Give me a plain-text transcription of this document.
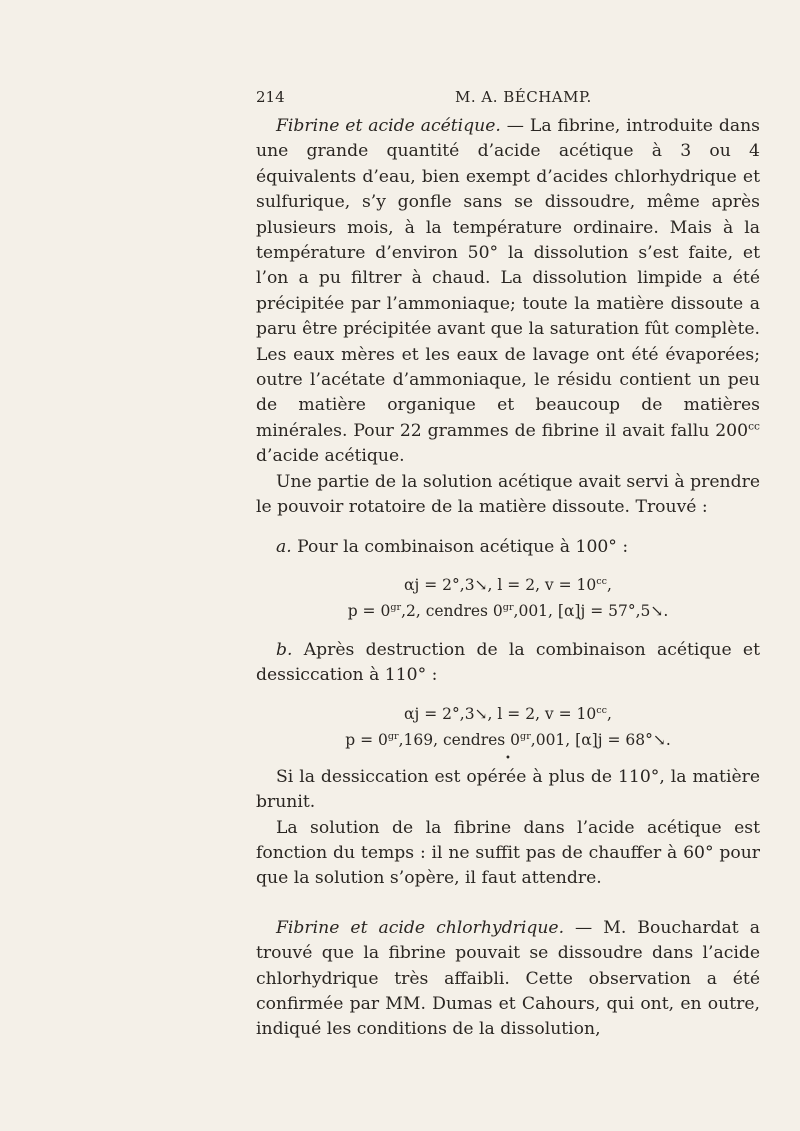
214	M. A. BÉCHAMP.

Fibrine et acide acétique. — La fibrine, introduite dans une grande quantité d’acide acétique à 3 ou 4 équivalents d’eau, bien exempt d’acides chlorhydrique et sulfurique, s’y gonfle sans se dissoudre, même après plusieurs mois, à la température ordinaire. Mais à la température d’environ 50° la dissolution s’est faite, et l’on a pu filtrer à chaud. La dissolution limpide a été précipitée par l’ammoniaque; toute la matière dissoute a paru être précipitée avant que la saturation fût complète. Les eaux mères et les eaux de lavage ont été évaporées; outre l’acétate d’ammoniaque, le résidu contient un peu de matière organique et beaucoup de matières minérales. Pour 22 grammes de fibrine il avait fallu $200^{cc}$ d’acide acétique.

Une partie de la solution acétique avait servi à prendre le pouvoir rotatoire de la matière dissoute. Trouvé :

a. Pour la combinaison acétique à 100° :

αj = 2°,3↘, l = 2, $v = 10^{cc}$,
$p = 0^{gr},2$, cendres $0^{gr},001$, [α]j = 57°,5↘.

b. Après destruction de la combinaison acétique et dessiccation à 110° :

αj = 2°,3↘, l = 2, $v = 10^{cc}$,
$p = 0^{gr},169$, cendres $0^{gr},001$, [α]j = 68°↘.
•

Si la dessiccation est opérée à plus de 110°, la matière brunit.

La solution de la fibrine dans l’acide acétique est fonction du temps : il ne suffit pas de chauffer à 60° pour que la solution s’opère, il faut attendre.

Fibrine et acide chlorhydrique. — M. Bouchardat a trouvé que la fibrine pouvait se dissoudre dans l’acide chlorhydrique très affaibli. Cette observation a été confirmée par MM. Dumas et Cahours, qui ont, en outre, indiqué les conditions de la dissolution,
